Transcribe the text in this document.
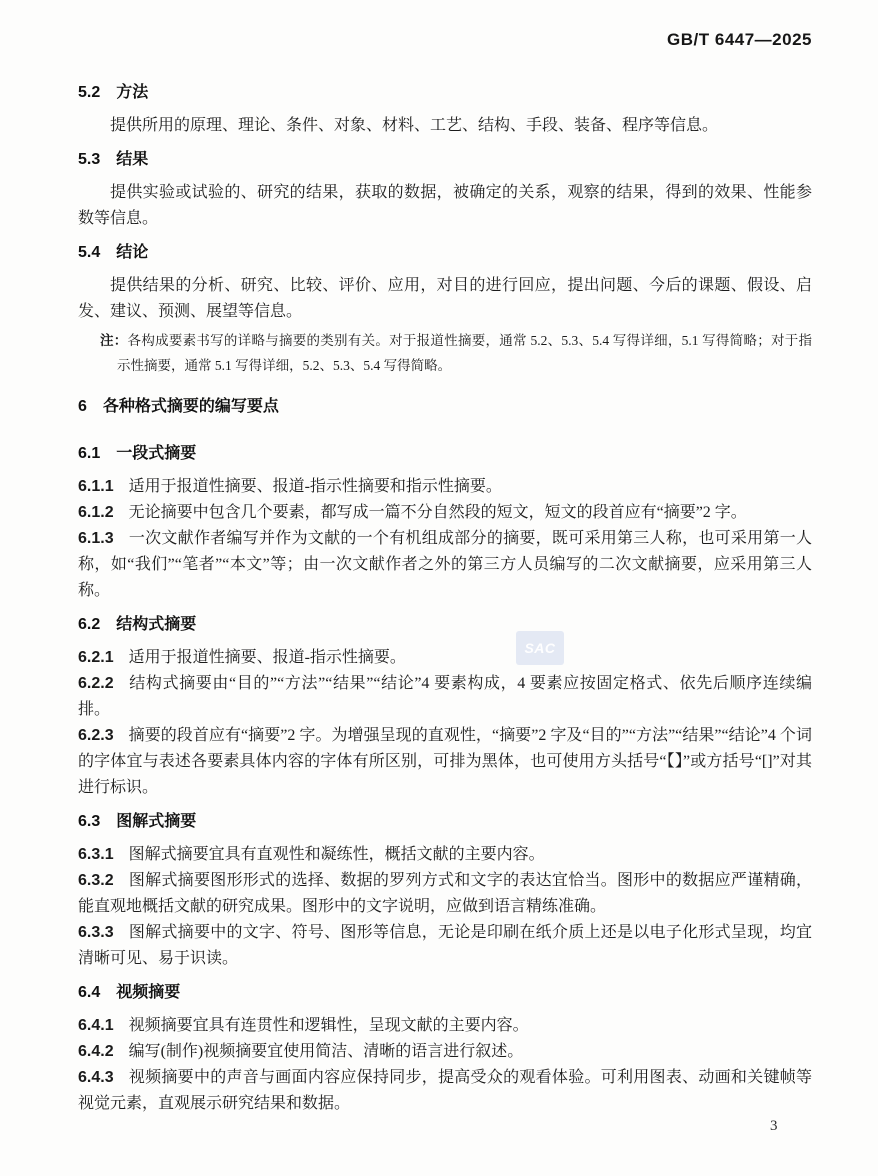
GB/T 6447—2025
SAC
5.2 方法

提供所用的原理、理论、条件、对象、材料、工艺、结构、手段、装备、程序等信息。

5.3 结果

提供实验或试验的、研究的结果，获取的数据，被确定的关系，观察的结果，得到的效果、性能参数等信息。

5.4 结论

提供结果的分析、研究、比较、评价、应用，对目的进行回应，提出问题、今后的课题、假设、启发、建议、预测、展望等信息。

注：各构成要素书写的详略与摘要的类别有关。对于报道性摘要，通常 5.2、5.3、5.4 写得详细，5.1 写得简略；对于指示性摘要，通常 5.1 写得详细，5.2、5.3、5.4 写得简略。

6 各种格式摘要的编写要点
6.1 一段式摘要

6.1.1 适用于报道性摘要、报道-指示性摘要和指示性摘要。

6.1.2 无论摘要中包含几个要素，都写成一篇不分自然段的短文，短文的段首应有“摘要”2 字。

6.1.3 一次文献作者编写并作为文献的一个有机组成部分的摘要，既可采用第三人称，也可采用第一人称，如“我们”“笔者”“本文”等；由一次文献作者之外的第三方人员编写的二次文献摘要，应采用第三人称。

6.2 结构式摘要

6.2.1 适用于报道性摘要、报道-指示性摘要。

6.2.2 结构式摘要由“目的”“方法”“结果”“结论”4 要素构成，4 要素应按固定格式、依先后顺序连续编排。

6.2.3 摘要的段首应有“摘要”2 字。为增强呈现的直观性，“摘要”2 字及“目的”“方法”“结果”“结论”4 个词的字体宜与表述各要素具体内容的字体有所区别，可排为黑体，也可使用方头括号“【】”或方括号“[]”对其进行标识。

6.3 图解式摘要

6.3.1 图解式摘要宜具有直观性和凝练性，概括文献的主要内容。

6.3.2 图解式摘要图形形式的选择、数据的罗列方式和文字的表达宜恰当。图形中的数据应严谨精确，能直观地概括文献的研究成果。图形中的文字说明，应做到语言精练准确。

6.3.3 图解式摘要中的文字、符号、图形等信息，无论是印刷在纸介质上还是以电子化形式呈现，均宜清晰可见、易于识读。

6.4 视频摘要

6.4.1 视频摘要宜具有连贯性和逻辑性，呈现文献的主要内容。

6.4.2 编写(制作)视频摘要宜使用简洁、清晰的语言进行叙述。

6.4.3 视频摘要中的声音与画面内容应保持同步，提高受众的观看体验。可利用图表、动画和关键帧等视觉元素，直观展示研究结果和数据。

3
